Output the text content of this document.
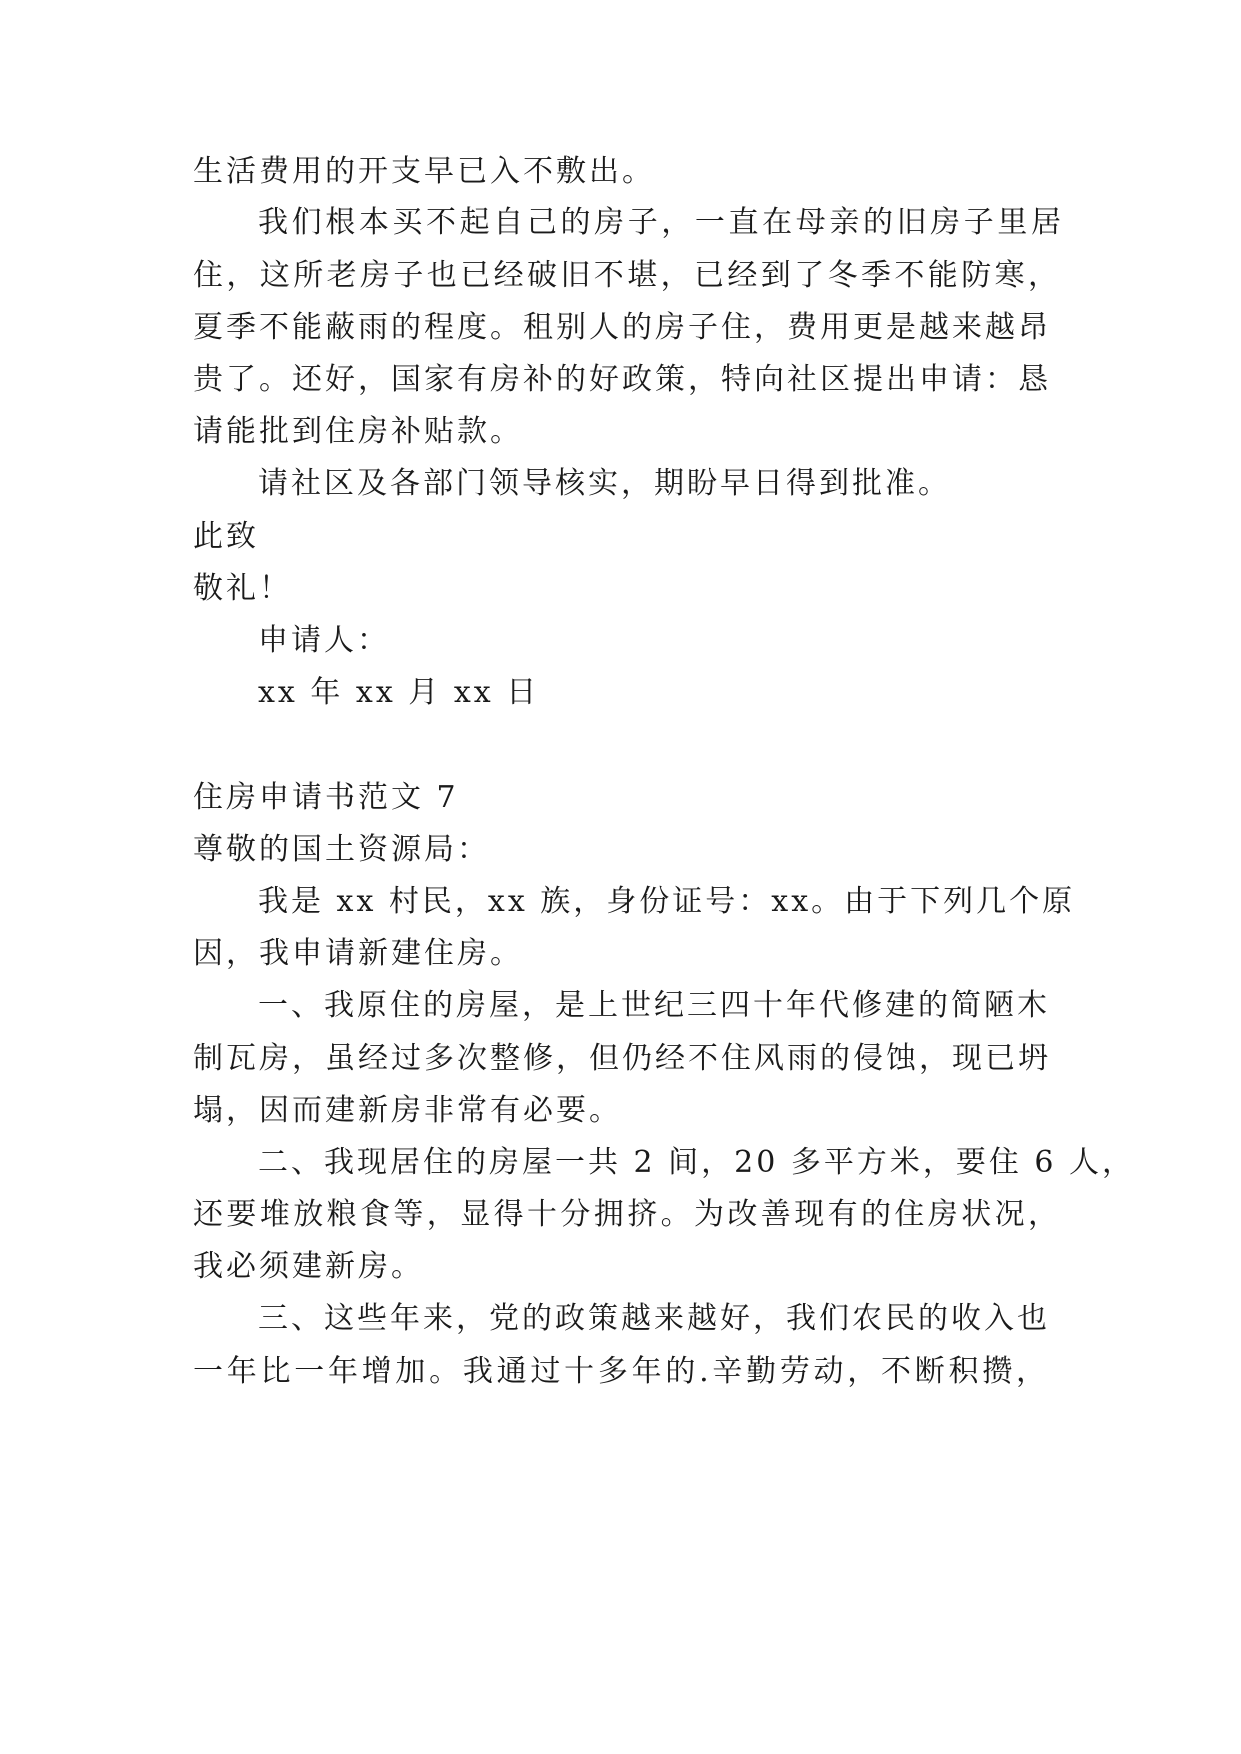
生活费用的开支早已入不敷出。
我们根本买不起自己的房子，一直在母亲的旧房子里居
住，这所老房子也已经破旧不堪，已经到了冬季不能防寒，
夏季不能蔽雨的程度。租别人的房子住，费用更是越来越昂
贵了。还好，国家有房补的好政策，特向社区提出申请：恳
请能批到住房补贴款。
请社区及各部门领导核实，期盼早日得到批准。
此致
敬礼！
申请人：
xx 年 xx 月 xx 日
住房申请书范文 7
尊敬的国土资源局：
我是 xx 村民，xx 族，身份证号：xx。由于下列几个原
因，我申请新建住房。
一、我原住的房屋，是上世纪三四十年代修建的简陋木
制瓦房，虽经过多次整修，但仍经不住风雨的侵蚀，现已坍
塌，因而建新房非常有必要。
二、我现居住的房屋一共 2 间，20 多平方米，要住 6 人，
还要堆放粮食等，显得十分拥挤。为改善现有的住房状况，
我必须建新房。
三、这些年来，党的政策越来越好，我们农民的收入也
一年比一年增加。我通过十多年的.辛勤劳动，不断积攒，
